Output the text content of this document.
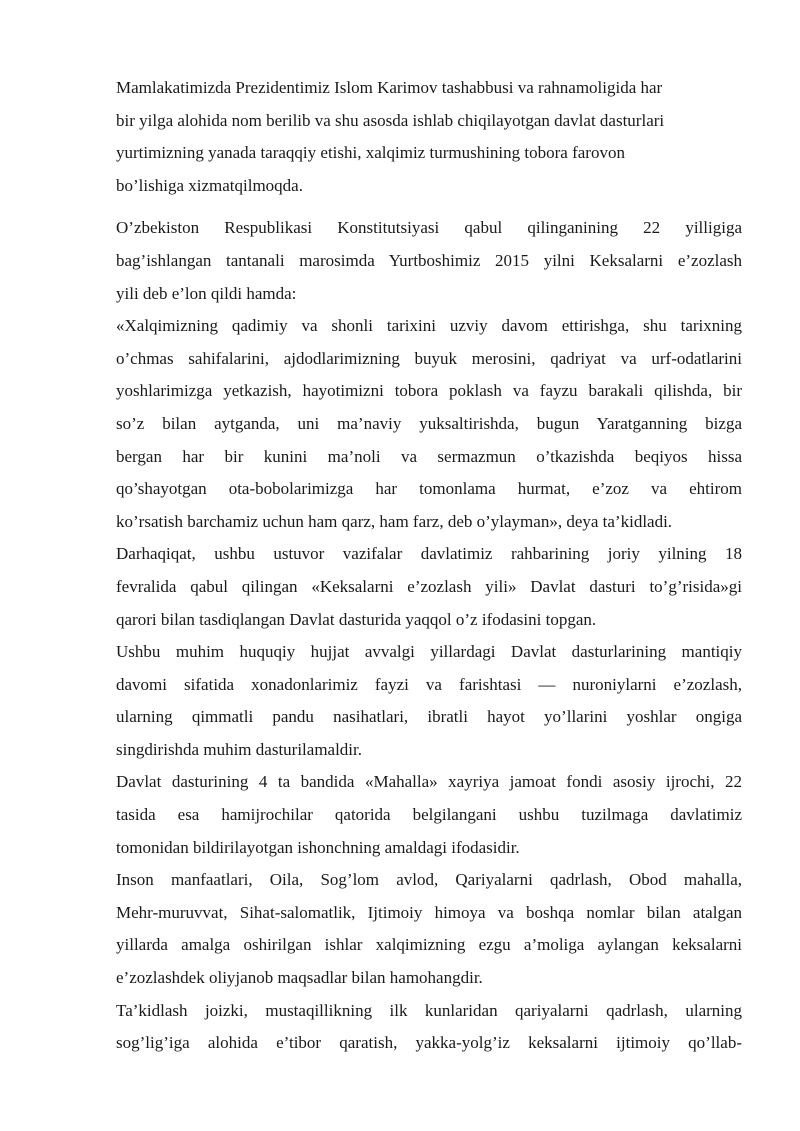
Mamlakatimizda Prezidentimiz Islom Karimov tashabbusi va rahnamoligida har
bir yilga alohida nom berilib va shu asosda ishlab chiqilayotgan davlat dasturlari
yurtimizning yanada taraqqiy etishi, xalqimiz turmushining tobora farovon
bo’lishiga xizmatqilmoqda.

O’zbekiston Respublikasi Konstitutsiyasi qabul qilinganining 22 yilligiga
bag’ishlangan tantanali marosimda Yurtboshimiz 2015 yilni Keksalarni e’zozlash
yili deb e’lon qildi hamda:

«Xalqimizning qadimiy va shonli tarixini uzviy davom ettirishga, shu tarixning
o’chmas sahifalarini, ajdodlarimizning buyuk merosini, qadriyat va urf-odatlarini
yoshlarimizga yetkazish, hayotimizni tobora poklash va fayzu barakali qilishda, bir
so’z bilan aytganda, uni ma’naviy yuksaltirishda, bugun Yaratganning bizga
bergan har bir kunini ma’noli va sermazmun o’tkazishda beqiyos hissa
qo’shayotgan ota-bobolarimizga har tomonlama hurmat, e’zoz va ehtirom
ko’rsatish barchamiz uchun ham qarz, ham farz, deb o’ylayman», deya ta’kidladi.

Darhaqiqat, ushbu ustuvor vazifalar davlatimiz rahbarining joriy yilning 18
fevralida qabul qilingan «Keksalarni e’zozlash yili» Davlat dasturi to’g’risida»gi
qarori bilan tasdiqlangan Davlat dasturida yaqqol o’z ifodasini topgan.

Ushbu muhim huquqiy hujjat avvalgi yillardagi Davlat dasturlarining mantiqiy
davomi sifatida xonadonlarimiz fayzi va farishtasi — nuroniylarni e’zozlash,
ularning qimmatli pandu nasihatlari, ibratli hayot yo’llarini yoshlar ongiga
singdirishda muhim dasturilamaldir.

Davlat dasturining 4 ta bandida «Mahalla» xayriya jamoat fondi asosiy ijrochi, 22
tasida esa hamijrochilar qatorida belgilangani ushbu tuzilmaga davlatimiz
tomonidan bildirilayotgan ishonchning amaldagi ifodasidir.

Inson manfaatlari, Oila, Sog’lom avlod, Qariyalarni qadrlash, Obod mahalla,
Mehr-muruvvat, Sihat-salomatlik, Ijtimoiy himoya va boshqa nomlar bilan atalgan
yillarda amalga oshirilgan ishlar xalqimizning ezgu a’moliga aylangan keksalarni
e’zozlashdek oliyjanob maqsadlar bilan hamohangdir.

Ta’kidlash joizki, mustaqillikning ilk kunlaridan qariyalarni qadrlash, ularning
sog’lig’iga alohida e’tibor qaratish, yakka-yolg’iz keksalarni ijtimoiy qo’llab-
